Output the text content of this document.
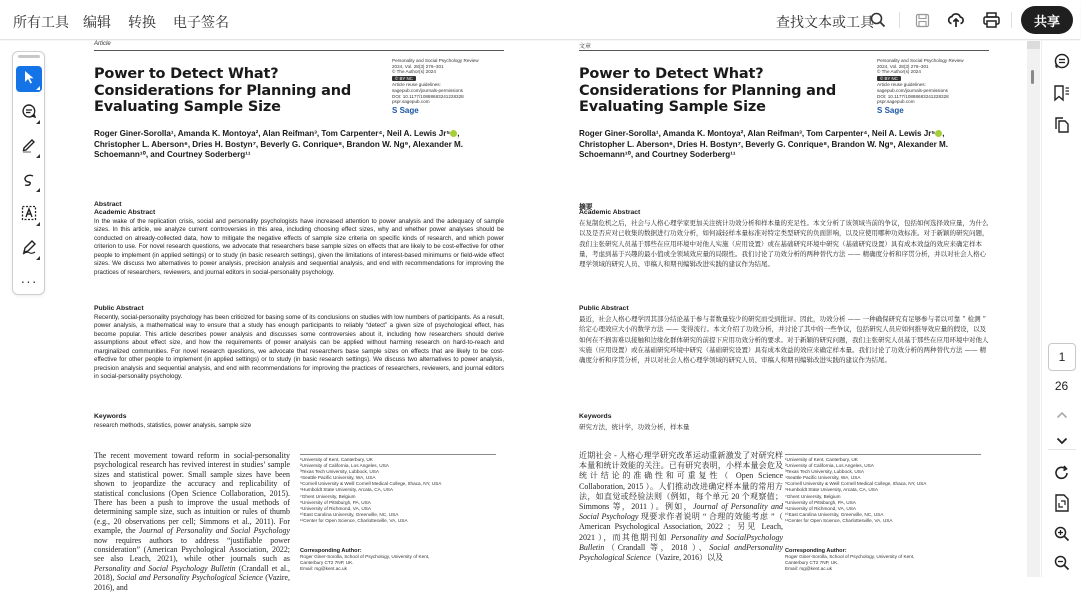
所有工具 编辑 转换 电子签名	查找文本或工具	共享
Article
Power to Detect What? Considerations for Planning and Evaluating Sample Size
Personality and Social Psychology Review
2024, Vol. 28(3) 276–301
© The Author(s) 2024
© BY NC
Article reuse guidelines:
sagepub.com/journals-permissions
DOI: 10.1177/10888683241228328
pspr.sagepub.com
S Sage
Roger Giner-Sorolla¹, Amanda K. Montoya², Alan Reifman³, Tom Carpenter⁴, Neil A. Lewis Jr⁵ , Christopher L. Aberson⁶, Dries H. Bostyn⁷, Beverly G. Conrique⁸, Brandon W. Ng⁹, Alexander M. Schoemann¹⁰, and Courtney Soderberg¹¹
Abstract
Academic Abstract
In the wake of the replication crisis, social and personality psychologists have increased attention to power analysis and the adequacy of sample sizes. In this article, we analyze current controversies in this area, including choosing effect sizes, why and whether power analyses should be conducted on already-collected data, how to mitigate the negative effects of sample size criteria on specific kinds of research, and which power criterion to use. For novel research questions, we advocate that researchers base sample sizes on effects that are likely to be cost-effective for other people to implement (in applied settings) or to study (in basic research settings), given the limitations of interest-based minimums or field-wide effect sizes. We discuss two alternatives to power analysis, precision analysis and sequential analysis, and end with recommendations for improving the practices of researchers, reviewers, and journal editors in social-personality psychology.
Public Abstract
Recently, social-personality psychology has been criticized for basing some of its conclusions on studies with low numbers of participants. As a result, power analysis, a mathematical way to ensure that a study has enough participants to reliably “detect” a given size of psychological effect, has become popular. This article describes power analysis and discusses some controversies about it, including how researchers should derive assumptions about effect size, and how the requirements of power analysis can be applied without harming research on hard-to-reach and marginalized communities. For novel research questions, we advocate that researchers base sample sizes on effects that are likely to be cost-effective for other people to implement (in applied settings) or to study (in basic research settings). We discuss two alternatives to power analysis, precision analysis and sequential analysis, and end with recommendations for improving the practices of researchers, reviewers, and journal editors in social-personality psychology.
Keywords
research methods, statistics, power analysis, sample size
The recent movement toward reform in social-personality psychological research has revived interest in studies’ sample sizes and statistical power. Small sample sizes have been shown to jeopardize the accuracy and replicability of statistical conclusions (Open Science Collaboration, 2015). There has been a push to improve the usual methods of determining sample size, such as intuition or rules of thumb (e.g., 20 observations per cell; Simmons et al., 2011). For example, the Journal of Personality and Social Psychology now requires authors to address “justifiable power consideration” (American Psychological Association, 2022; see also Leach, 2021), while other journals such as Personality and Social Psychology Bulletin (Crandall et al., 2018), Social and Personality Psychological Science (Vazire, 2016), and
¹University of Kent, Canterbury, UK
²University of California, Los Angeles, USA
³Texas Tech University, Lubbock, USA
⁴Seattle Pacific University, WA, USA
⁵Cornell University & Weill Cornell Medical College, Ithaca, NY, USA
⁶Humboldt State University, Arcata, CA, USA
⁷Ghent University, Belgium
⁸University of Pittsburgh, PA, USA
⁹University of Richmond, VA, USA
¹⁰East Carolina University, Greenville, NC, USA
¹¹Center for Open Science, Charlottesville, VA, USA
Corresponding Author:
Roger Giner-Sorolla, School of Psychology, University of Kent,
Canterbury CT2 7NP, UK.
Email: rsg@kent.ac.uk
文章
Power to Detect What? Considerations for Planning and Evaluating Sample Size
Personality and Social Psychology Review
2024, Vol. 28(3) 276–301
© The Author(s) 2024
© BY NC
Article reuse guidelines:
sagepub.com/journals-permissions
DOI: 10.1177/10888683241228328
pspr.sagepub.com
S Sage
Roger Giner-Sorolla¹, Amanda K. Montoya², Alan Reifman³, Tom Carpenter⁴, Neil A. Lewis Jr⁵ , Christopher L. Aberson⁶, Dries H. Bostyn⁷, Beverly G. Conrique⁸, Brandon W. Ng⁹, Alexander M. Schoemann¹⁰, and Courtney Soderberg¹¹
摘要
Academic Abstract
在复制危机之后，社会与人格心理学家更加关注统计功效分析和样本量的充足性。本文分析了该领域当前的争议，包括如何选择效应量，为什么以及是否应对已收集的数据进行功效分析，如何减轻样本量标准对特定类型研究的负面影响，以及应使用哪种功效标准。对于新颖的研究问题，我们主张研究人员基于那些在应用环境中对他人实施（应用设置）或在基础研究环境中研究（基础研究设置）具有成本效益的效应来确定样本量，考虑到基于兴趣的最小值或全领域效应量的局限性。我们讨论了功效分析的两种替代方法 —— 精确度分析和序贯分析，并以对社会人格心理学领域的研究人员、审稿人和期刊编辑改进实践的建议作为结尾。
Public Abstract
最近，社会人格心理学因其部分结论基于参与者数量较少的研究而受到批评。因此，功效分析 —— 一种确保研究有足够参与者以可靠 “ 检测 ” 给定心理效应大小的数学方法 —— 变得流行。本文介绍了功效分析，并讨论了其中的一些争议，包括研究人员应如何推导效应量的假设，以及如何在不损害难以接触和边缘化群体研究的前提下应用功效分析的要求。对于新颖的研究问题，我们主张研究人员基于那些在应用环境中对他人实施（应用设置）或在基础研究环境中研究（基础研究设置）具有成本效益的效应来确定样本量。我们讨论了功效分析的两种替代方法 —— 精确度分析和序贯分析，并以对社会人格心理学领域的研究人员、审稿人和期刊编辑改进实践的建议作为结尾。
Keywords
研究方法，统计学，功效分析，样本量
近期社会 - 人格心理学研究改革运动重新激发了对研究样本量和统计效能的关注。已有研究表明，小样本量会危及统计结论的准确性和可重复性（ Open Science Collaboration, 2015 ）。人们推动改进确定样本量的常用方法，如直觉或经验法则（例如，每个单元 20 个观察值；Simmons 等，2011 ）。例如，Journal of Personality and Social Psychology 现要求作者说明 “ 合理的效能考虑 ”（ American Psychological Association, 2022 ；另见 Leach, 2021 ），而其他期刊如 Personality and SocialPsychology Bulletin（Crandall 等，2018 ）、Social andPersonality Psychological Science（Vazire, 2016）以及
¹University of Kent, Canterbury, UK
²University of California, Los Angeles, USA
³Texas Tech University, Lubbock, USA
⁴Seattle Pacific University, WA, USA
⁵Cornell University & Weill Cornell Medical College, Ithaca, NY, USA
⁶Humboldt State University, Arcata, CA, USA
⁷Ghent University, Belgium
⁸University of Pittsburgh, PA, USA
⁹University of Richmond, VA, USA
¹⁰East Carolina University, Greenville, NC, USA
¹¹Center for Open Science, Charlottesville, VA, USA
Corresponding Author:
Roger Giner-Sorolla, School of Psychology, University of Kent,
Canterbury CT2 7NP, UK.
Email: rsg@kent.ac.uk
···
1
26
